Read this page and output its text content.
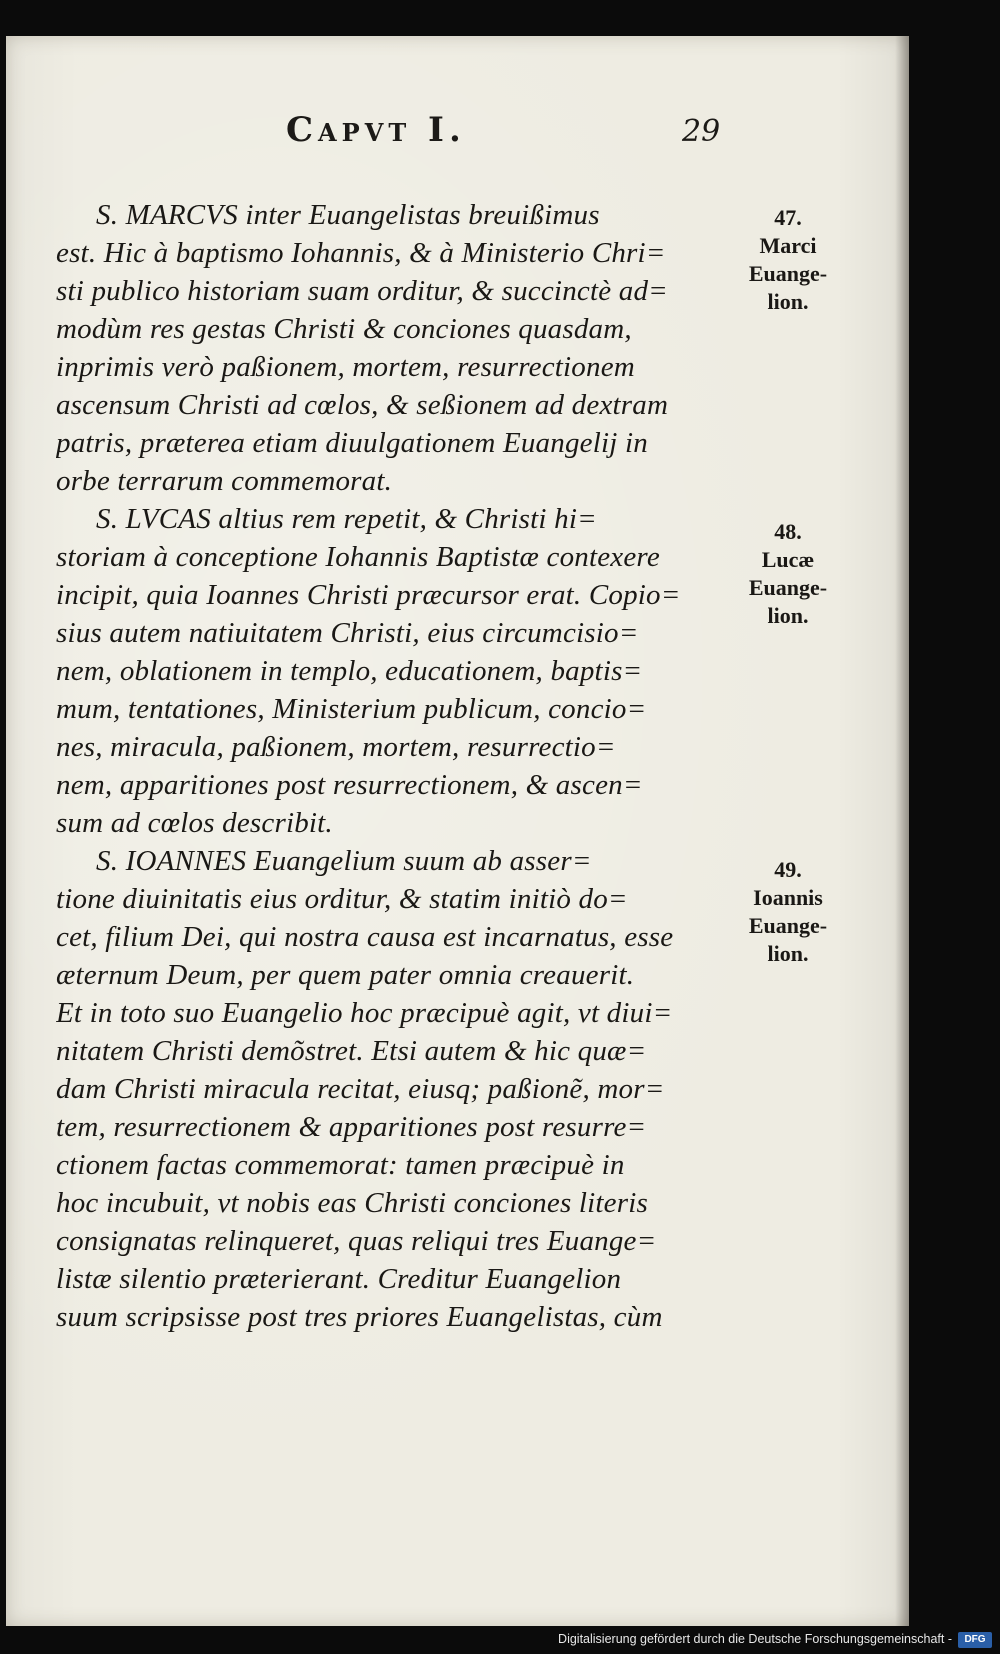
Capvt I.	29
S. MARCVS inter Euangelistas breuißimus
est. Hic à baptismo Iohannis, & à Ministerio Chri=
sti publico historiam suam orditur, & succinctè ad=
modùm res gestas Christi & conciones quasdam,
inprimis verò paßionem, mortem, resurrectionem
ascensum Christi ad cœlos, & seßionem ad dextram
patris, præterea etiam diuulgationem Euangelij in
orbe terrarum commemorat.
S. LVCAS altius rem repetit, & Christi hi=
storiam à conceptione Iohannis Baptistæ contexere
incipit, quia Ioannes Christi præcursor erat. Copio=
sius autem natiuitatem Christi, eius circumcisio=
nem, oblationem in templo, educationem, baptis=
mum, tentationes, Ministerium publicum, concio=
nes, miracula, paßionem, mortem, resurrectio=
nem, apparitiones post resurrectionem, & ascen=
sum ad cœlos describit.
S. IOANNES Euangelium suum ab asser=
tione diuinitatis eius orditur, & statim initiò do=
cet, filium Dei, qui nostra causa est incarnatus, esse
æternum Deum, per quem pater omnia creauerit.
Et in toto suo Euangelio hoc præcipuè agit, vt diui=
nitatem Christi demõstret. Etsi autem & hic quæ=
dam Christi miracula recitat, eiusq; paßionẽ, mor=
tem, resurrectionem & apparitiones post resurre=
ctionem factas commemorat: tamen præcipuè in
hoc incubuit, vt nobis eas Christi conciones literis
consignatas relinqueret, quas reliqui tres Euange=
listæ silentio præterierant. Creditur Euangelion
suum scripsisse post tres priores Euangelistas, cùm
47.
Marci
Euange-
lion.
48.
Lucæ
Euange-
lion.
49.
Ioannis
Euange-
lion.
Digitalisierung gefördert durch die Deutsche Forschungsgemeinschaft -	DFG
